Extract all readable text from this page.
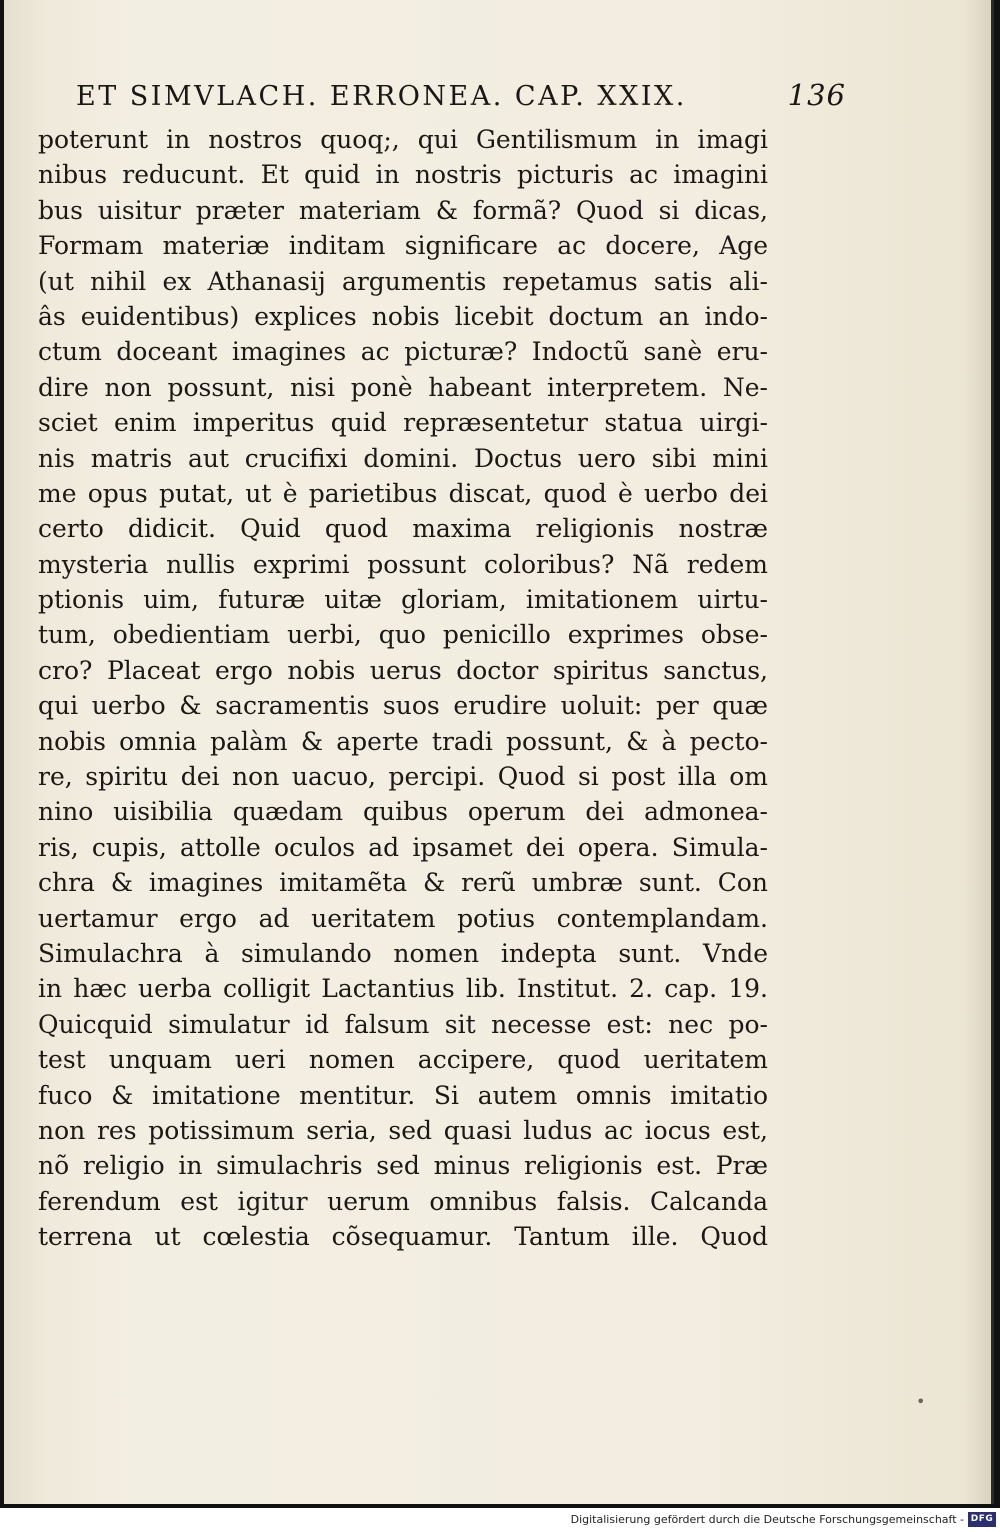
ET SIMVLACH. ERRONEA. CAP. XXIX.	136
poterunt in nostros quoq;, qui Gentilismum in imagi
nibus reducunt. Et quid in nostris picturis ac imagini
bus uisitur præter materiam & formã? Quod si dicas,
Formam materiæ inditam significare ac docere, Age
(ut nihil ex Athanasij argumentis repetamus satis ali-
âs euidentibus) explices nobis licebit doctum an indo-
ctum doceant imagines ac picturæ? Indoctũ sanè eru-
dire non possunt, nisi ponè habeant interpretem. Ne-
sciet enim imperitus quid repræsentetur statua uirgi-
nis matris aut crucifixi domini. Doctus uero sibi mini
me opus putat, ut è parietibus discat, quod è uerbo dei
certo didicit. Quid quod maxima religionis nostræ
mysteria nullis exprimi possunt coloribus? Nã redem
ptionis uim, futuræ uitæ gloriam, imitationem uirtu-
tum, obedientiam uerbi, quo penicillo exprimes obse-
cro? Placeat ergo nobis uerus doctor spiritus sanctus,
qui uerbo & sacramentis suos erudire uoluit: per quæ
nobis omnia palàm & aperte tradi possunt, & à pecto-
re, spiritu dei non uacuo, percipi. Quod si post illa om
nino uisibilia quædam quibus operum dei admonea-
ris, cupis, attolle oculos ad ipsamet dei opera. Simula-
chra & imagines imitamẽta & rerũ umbræ sunt. Con
uertamur ergo ad ueritatem potius contemplandam.
Simulachra à simulando nomen indepta sunt. Vnde
in hæc uerba colligit Lactantius lib. Institut. 2. cap. 19.
Quicquid simulatur id falsum sit necesse est: nec po-
test unquam ueri nomen accipere, quod ueritatem
fuco & imitatione mentitur. Si autem omnis imitatio
non res potissimum seria, sed quasi ludus ac iocus est,
nõ religio in simulachris sed minus religionis est. Præ
ferendum est igitur uerum omnibus falsis. Calcanda
terrena ut cœlestia cõsequamur. Tantum ille. Quod
•
Digitalisierung gefördert durch die Deutsche Forschungsgemeinschaft - DFG
